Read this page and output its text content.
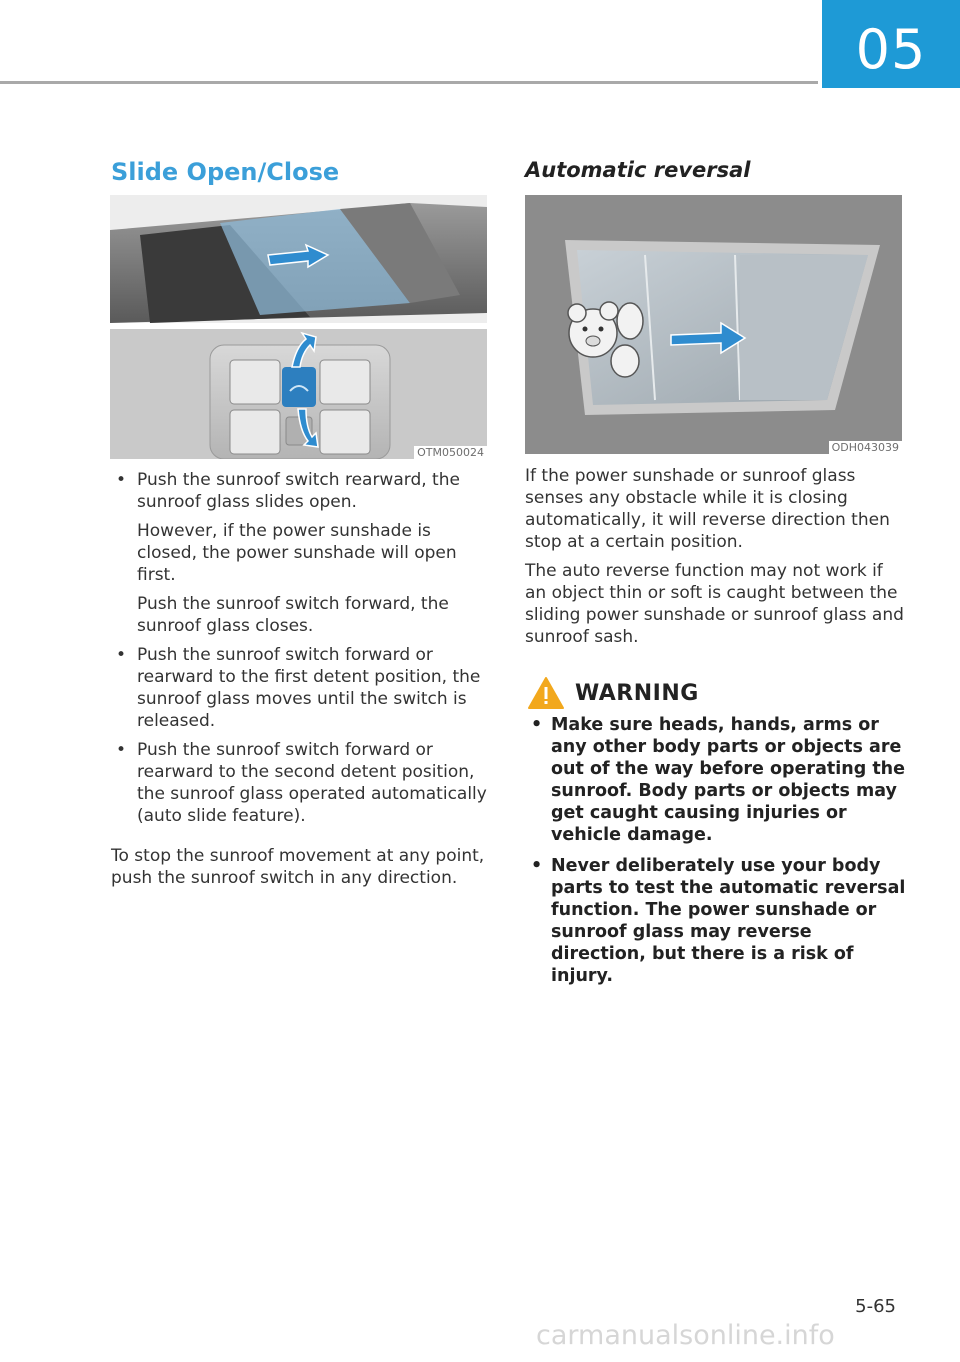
05
Slide Open/Close
OTM050024

• Push the sunroof switch rearward, the sunroof glass slides open.

However, if the power sunshade is closed, the power sunshade will open first.

Push the sunroof switch forward, the sunroof glass closes.

• Push the sunroof switch forward or rearward to the first detent position, the sunroof glass moves until the switch is released.

• Push the sunroof switch forward or rearward to the second detent position, the sunroof glass operated automatically (auto slide feature).

To stop the sunroof movement at any point, push the sunroof switch in any direction.

Automatic reversal
ODH043039

If the power sunshade or sunroof glass senses any obstacle while it is closing automatically, it will reverse direction then stop at a certain position.

The auto reverse function may not work if an object thin or soft is caught between the sliding power sunshade or sunroof glass and sunroof sash.

WARNING
• Make sure heads, hands, arms or any other body parts or objects are out of the way before operating the sunroof. Body parts or objects may get caught causing injuries or vehicle damage.
• Never deliberately use your body parts to test the automatic reversal function. The power sunshade or sunroof glass may reverse direction, but there is a risk of injury.
5-65
carmanualsonline.info
